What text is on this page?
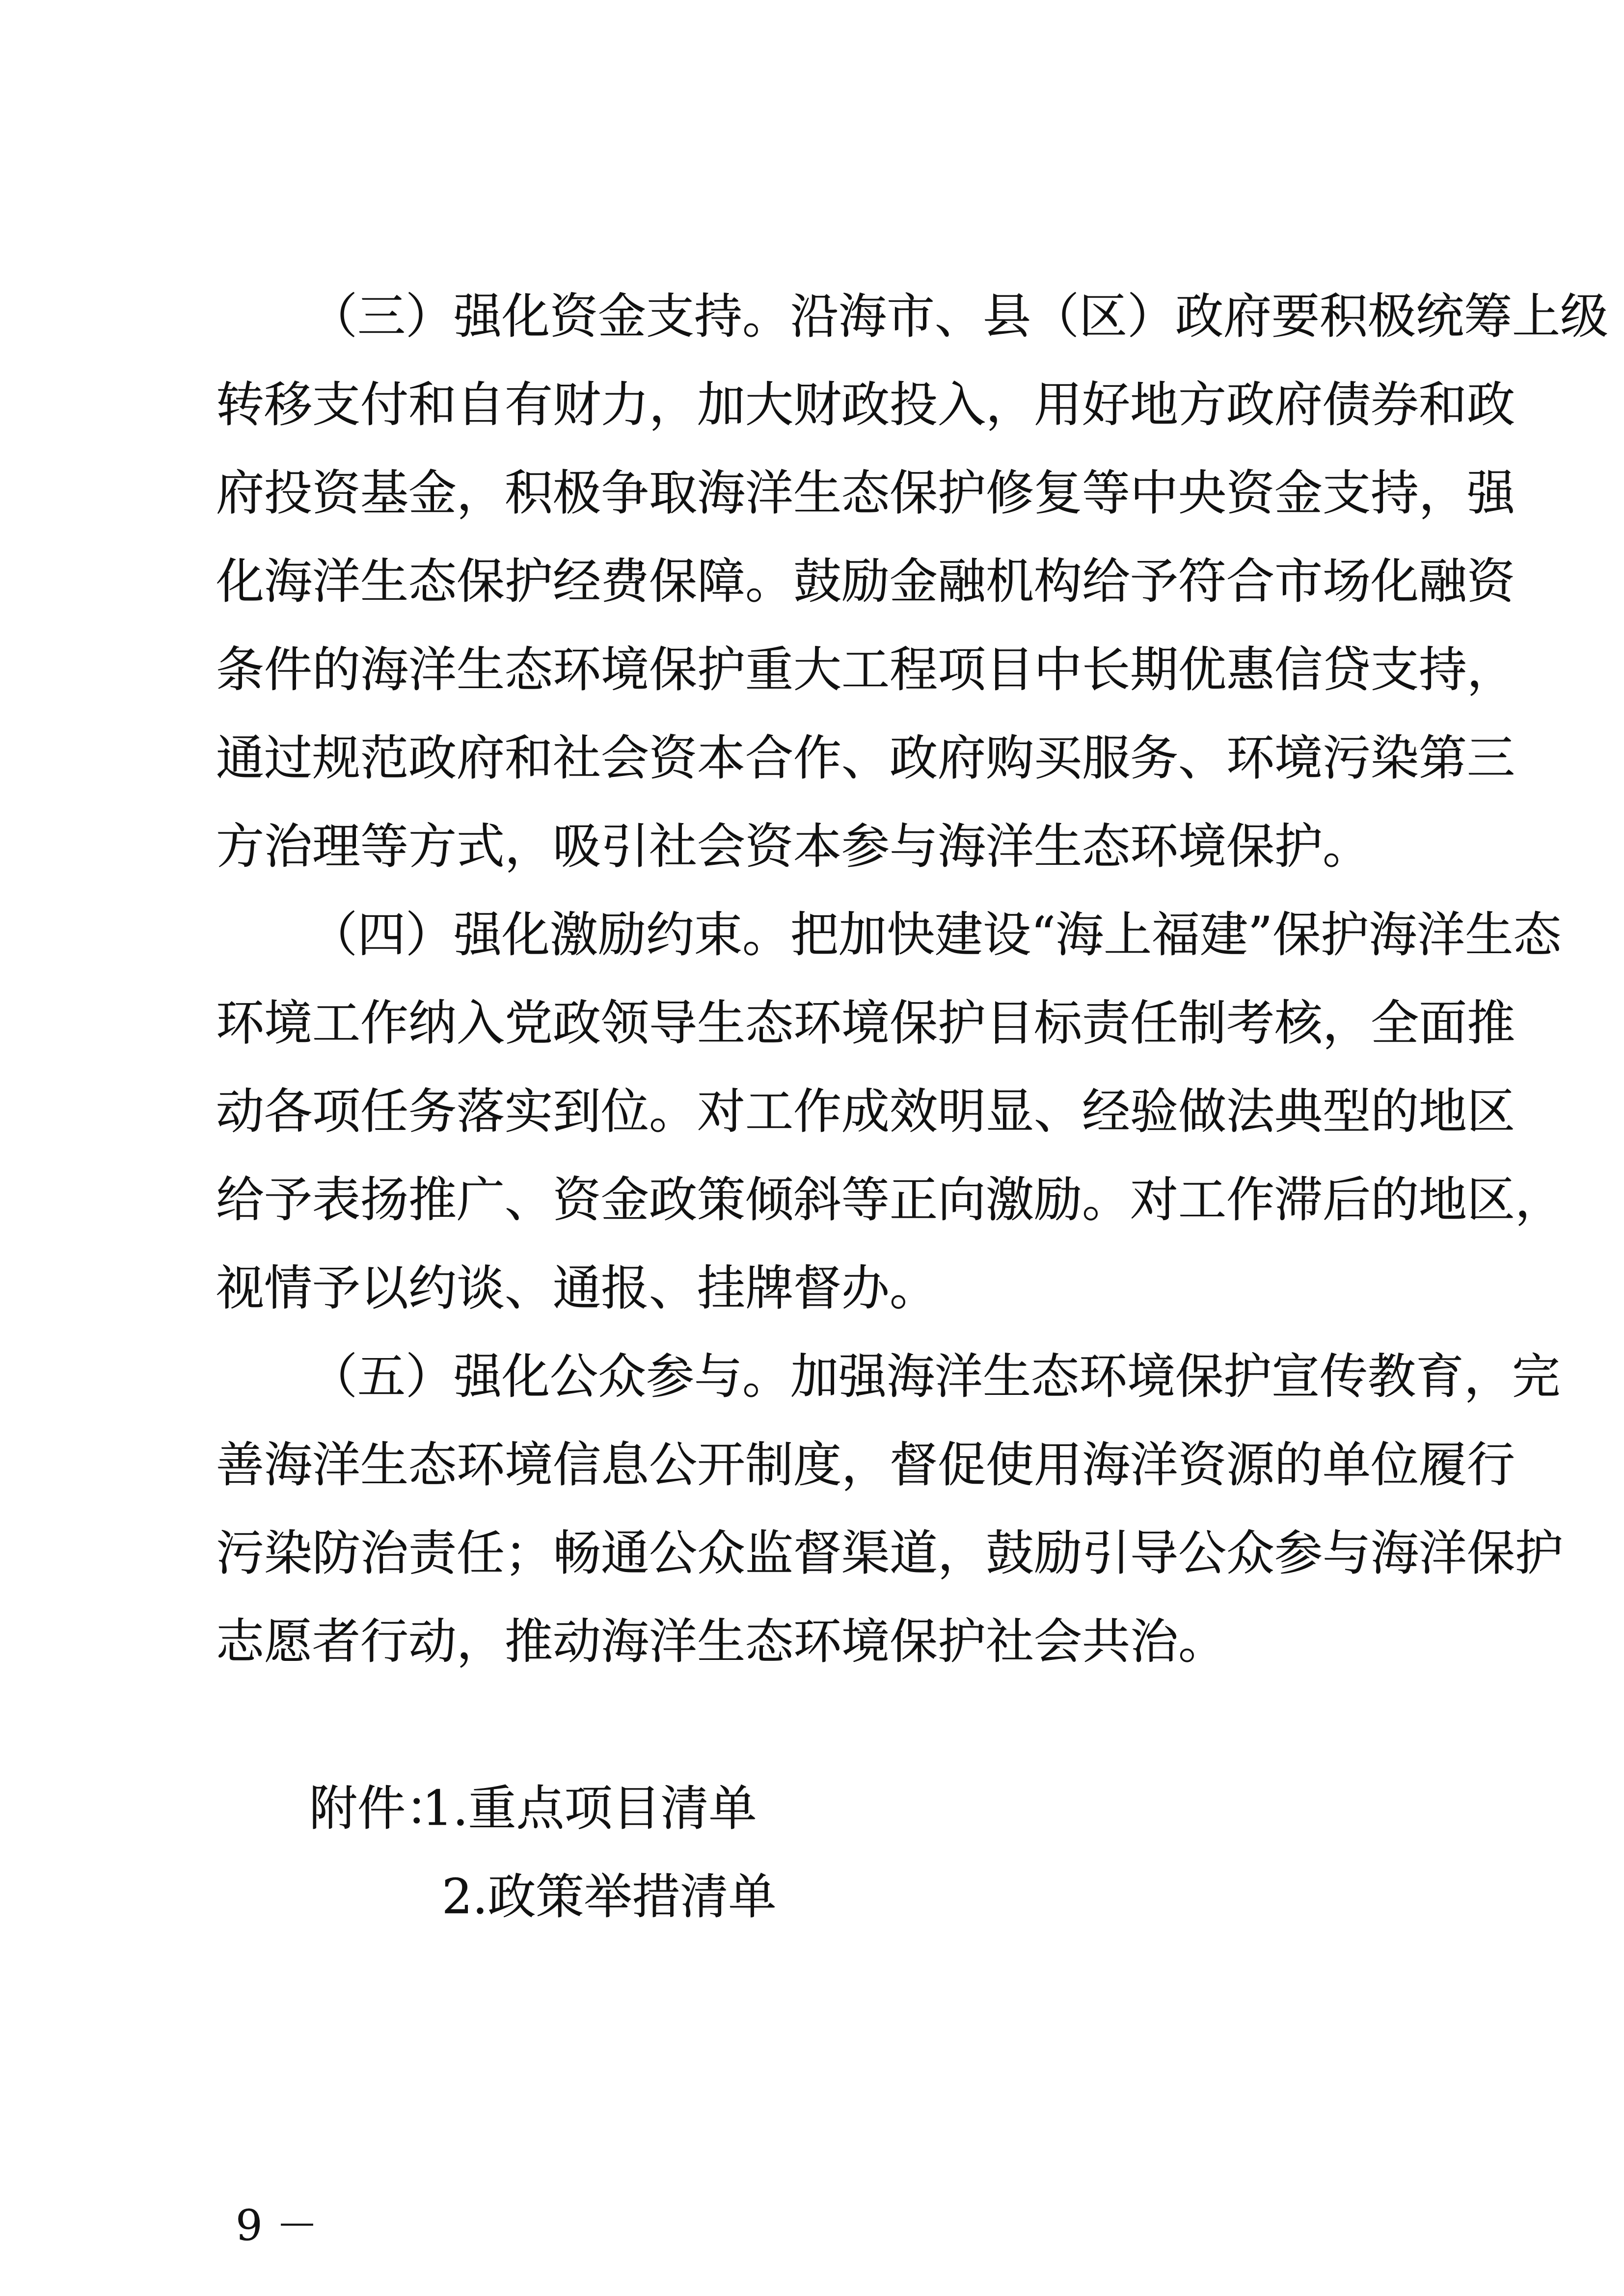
（三）强化资金支持。沿海市、县（区）政府要积极统筹上级
转移支付和自有财力，加大财政投入，用好地方政府债券和政
府投资基金，积极争取海洋生态保护修复等中央资金支持，强
化海洋生态保护经费保障。鼓励金融机构给予符合市场化融资
条件的海洋生态环境保护重大工程项目中长期优惠信贷支持，
通过规范政府和社会资本合作、政府购买服务、环境污染第三
方治理等方式，吸引社会资本参与海洋生态环境保护。
（四）强化激励约束。把加快建设“海上福建”保护海洋生态
环境工作纳入党政领导生态环境保护目标责任制考核，全面推
动各项任务落实到位。对工作成效明显、经验做法典型的地区
给予表扬推广、资金政策倾斜等正向激励。对工作滞后的地区，
视情予以约谈、通报、挂牌督办。
（五）强化公众参与。加强海洋生态环境保护宣传教育，完
善海洋生态环境信息公开制度，督促使用海洋资源的单位履行
污染防治责任；畅通公众监督渠道，鼓励引导公众参与海洋保护
志愿者行动，推动海洋生态环境保护社会共治。
附件：
1.重点项目清单
2.政策举措清单
9 －
